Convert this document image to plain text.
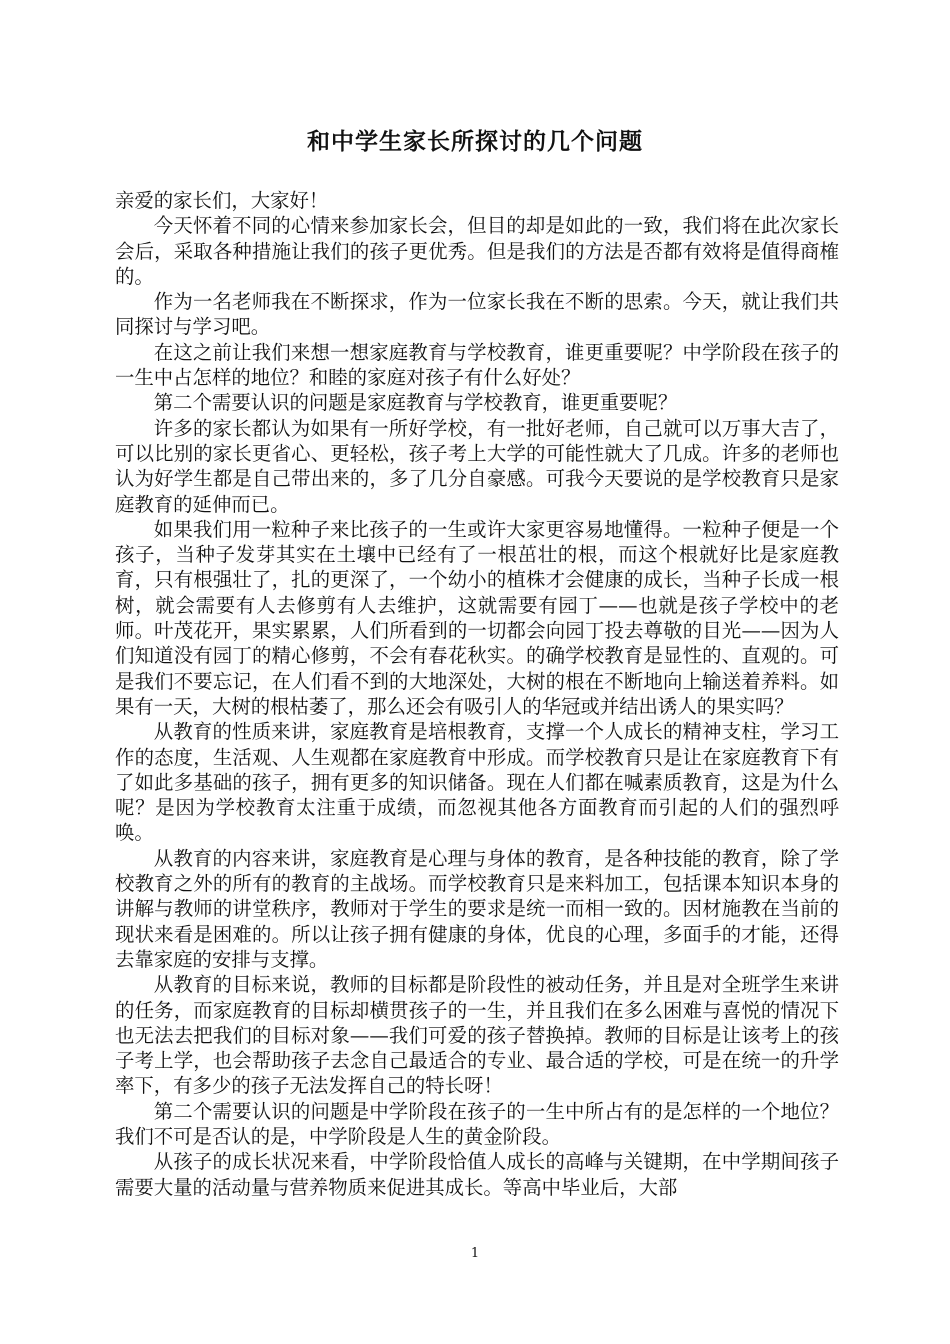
和中学生家长所探讨的几个问题

亲爱的家长们，大家好！

今天怀着不同的心情来参加家长会，但目的却是如此的一致，我们将在此次家长会后，采取各种措施让我们的孩子更优秀。但是我们的方法是否都有效将是值得商榷的。

作为一名老师我在不断探求，作为一位家长我在不断的思索。今天，就让我们共同探讨与学习吧。

在这之前让我们来想一想家庭教育与学校教育，谁更重要呢？中学阶段在孩子的一生中占怎样的地位？和睦的家庭对孩子有什么好处？

第二个需要认识的问题是家庭教育与学校教育，谁更重要呢？

许多的家长都认为如果有一所好学校，有一批好老师，自己就可以万事大吉了，可以比别的家长更省心、更轻松，孩子考上大学的可能性就大了几成。许多的老师也认为好学生都是自己带出来的，多了几分自豪感。可我今天要说的是学校教育只是家庭教育的延伸而已。

如果我们用一粒种子来比孩子的一生或许大家更容易地懂得。一粒种子便是一个孩子，当种子发芽其实在土壤中已经有了一根茁壮的根，而这个根就好比是家庭教育，只有根强壮了，扎的更深了，一个幼小的植株才会健康的成长，当种子长成一根树，就会需要有人去修剪有人去维护，这就需要有园丁——也就是孩子学校中的老师。叶茂花开，果实累累，人们所看到的一切都会向园丁投去尊敬的目光——因为人们知道没有园丁的精心修剪，不会有春花秋实。的确学校教育是显性的、直观的。可是我们不要忘记，在人们看不到的大地深处，大树的根在不断地向上输送着养料。如果有一天，大树的根枯萎了，那么还会有吸引人的华冠或并结出诱人的果实吗？

从教育的性质来讲，家庭教育是培根教育，支撑一个人成长的精神支柱，学习工作的态度，生活观、人生观都在家庭教育中形成。而学校教育只是让在家庭教育下有了如此多基础的孩子，拥有更多的知识储备。现在人们都在喊素质教育，这是为什么呢？是因为学校教育太注重于成绩，而忽视其他各方面教育而引起的人们的强烈呼唤。

从教育的内容来讲，家庭教育是心理与身体的教育，是各种技能的教育，除了学校教育之外的所有的教育的主战场。而学校教育只是来料加工，包括课本知识本身的讲解与教师的讲堂秩序，教师对于学生的要求是统一而相一致的。因材施教在当前的现状来看是困难的。所以让孩子拥有健康的身体，优良的心理，多面手的才能，还得去靠家庭的安排与支撑。

从教育的目标来说，教师的目标都是阶段性的被动任务，并且是对全班学生来讲的任务，而家庭教育的目标却横贯孩子的一生，并且我们在多么困难与喜悦的情况下也无法去把我们的目标对象——我们可爱的孩子替换掉。教师的目标是让该考上的孩子考上学，也会帮助孩子去念自己最适合的专业、最合适的学校，可是在统一的升学率下，有多少的孩子无法发挥自己的特长呀！

第二个需要认识的问题是中学阶段在孩子的一生中所占有的是怎样的一个地位？我们不可是否认的是，中学阶段是人生的黄金阶段。

从孩子的成长状况来看，中学阶段恰值人成长的高峰与关键期，在中学期间孩子需要大量的活动量与营养物质来促进其成长。等高中毕业后，大部

1
